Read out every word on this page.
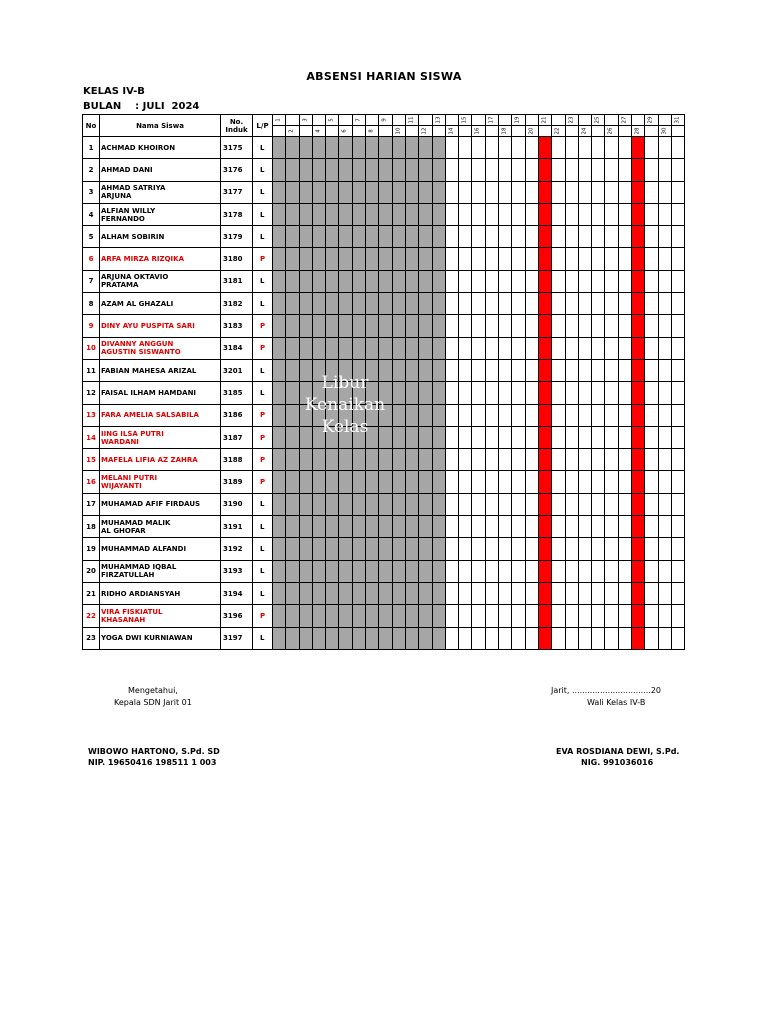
ABSENSI HARIAN SISWA
KELAS IV-B
BULAN    : JULI  2024
No	Nama Siswa	No. Induk	L/P	1		3		5		7		9		11		13		15		17		19		21		23		25		27		29		31

					2		4		6		8		10		12		14		16		18		20		22		24		26		28		30	

1	ACHMAD KHOIRON	3175	L																															
2	AHMAD DANI	3176	L																															
3	AHMAD SATRIYA
ARJUNA	3177	L																															
4	ALFIAN WILLY
FERNANDO	3178	L																															
5	ALHAM SOBIRIN	3179	L																															
6	ARFA MIRZA RIZQIKA	3180	P																															
7	ARJUNA OKTAVIO
PRATAMA	3181	L																															
8	AZAM AL GHAZALI	3182	L																															
9	DINY AYU PUSPITA SARI	3183	P																															
10	DIVANNY ANGGUN
AGUSTIN SISWANTO	3184	P																															
11	FABIAN MAHESA ARIZAL	3201	L																															
12	FAISAL ILHAM HAMDANI	3185	L																															
13	FARA AMELIA SALSABILA	3186	P																															
14	IING ILSA PUTRI
WARDANI	3187	P																															
15	MAFELA LIFIA AZ ZAHRA	3188	P																															
16	MELANI PUTRI
WIJAYANTI	3189	P																															
17	MUHAMAD AFIF FIRDAUS	3190	L																															
18	MUHAMAD MALIK
AL GHOFAR	3191	L																															
19	MUHAMMAD ALFANDI	3192	L																															
20	MUHAMMAD IQBAL
FIRZATULLAH	3193	L																															
21	RIDHO ARDIANSYAH	3194	L																															
22	VIRA FISKIATUL
KHASANAH	3196	P																															
23	YOGA DWI KURNIAWAN	3197	L																															
Libur Kenaikan Kelas
Mengetahui,
Kepala SDN Jarit 01
WIBOWO HARTONO, S.Pd. SD
NIP. 19650416 198511 1 003
Jarit, ...............................20
Wali Kelas IV-B
EVA ROSDIANA DEWI, S.Pd.
NIG. 991036016
